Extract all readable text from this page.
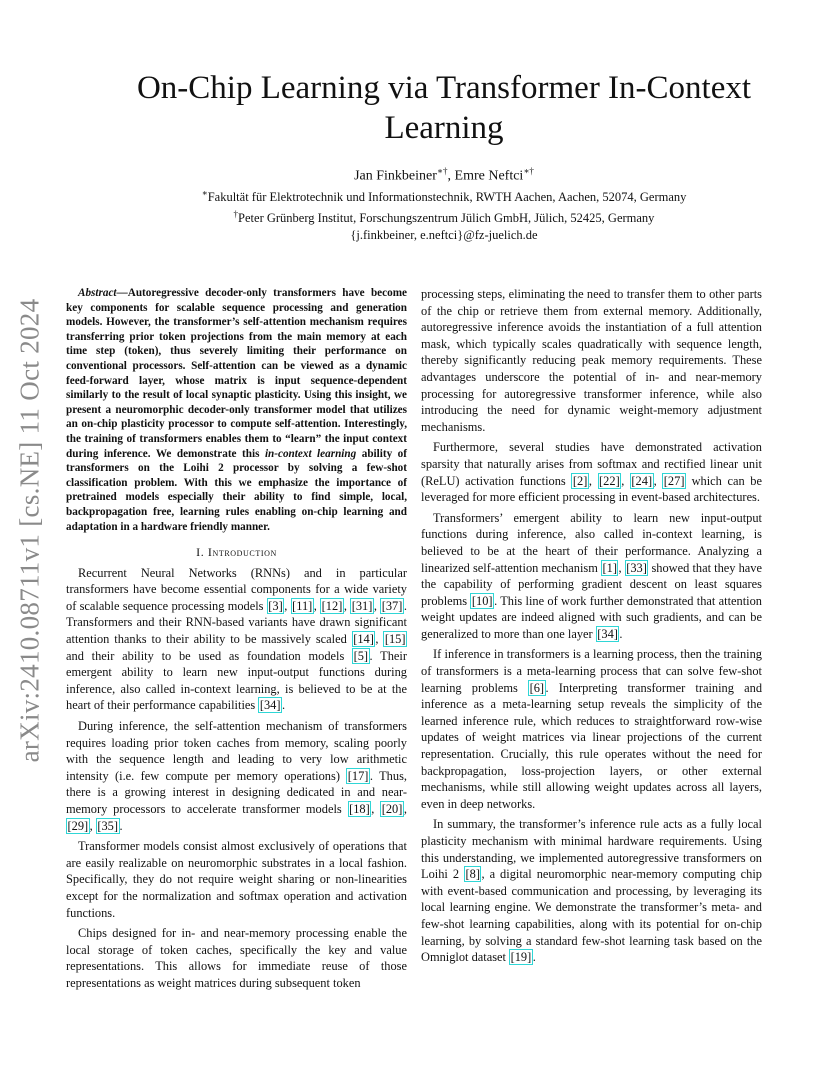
arXiv:2410.08711v1 [cs.NE] 11 Oct 2024
On-Chip Learning via Transformer In-Context Learning
Jan Finkbeiner∗†, Emre Neftci∗†
∗Fakultät für Elektrotechnik und Informationstechnik, RWTH Aachen, Aachen, 52074, Germany
†Peter Grünberg Institut, Forschungszentrum Jülich GmbH, Jülich, 52425, Germany
{j.finkbeiner, e.neftci}@fz-juelich.de

Abstract—Autoregressive decoder-only transformers have become key components for scalable sequence processing and generation models. However, the transformer’s self-attention mechanism requires transferring prior token projections from the main memory at each time step (token), thus severely limiting their performance on conventional processors. Self-attention can be viewed as a dynamic feed-forward layer, whose matrix is input sequence-dependent similarly to the result of local synaptic plasticity. Using this insight, we present a neuromorphic decoder-only transformer model that utilizes an on-chip plasticity processor to compute self-attention. Interestingly, the training of transformers enables them to “learn” the input context during inference. We demonstrate this in-context learning ability of transformers on the Loihi 2 processor by solving a few-shot classification problem. With this we emphasize the importance of pretrained models especially their ability to find simple, local, backpropagation free, learning rules enabling on-chip learning and adaptation in a hardware friendly manner.

I. Introduction

Recurrent Neural Networks (RNNs) and in particular transformers have become essential components for a wide variety of scalable sequence processing models [3] , [11] , [12] , [31] , [37] . Transformers and their RNN-based variants have drawn significant attention thanks to their ability to be massively scaled [14] , [15] and their ability to be used as foundation models [5] . Their emergent ability to learn new input-output functions during inference, also called in-context learning, is believed to be at the heart of their performance capabilities [34] .

During inference, the self-attention mechanism of transformers requires loading prior token caches from memory, scaling poorly with the sequence length and leading to very low arithmetic intensity (i.e. few compute per memory operations) [17] . Thus, there is a growing interest in designing dedicated in and near-memory processors to accelerate transformer models [18] , [20] , [29] , [35] .

Transformer models consist almost exclusively of operations that are easily realizable on neuromorphic substrates in a local fashion. Specifically, they do not require weight sharing or non-linearities except for the normalization and softmax operation and activation functions.

Chips designed for in- and near-memory processing enable the local storage of token caches, specifically the key and value representations. This allows for immediate reuse of those representations as weight matrices during subsequent token

processing steps, eliminating the need to transfer them to other parts of the chip or retrieve them from external memory. Additionally, autoregressive inference avoids the instantiation of a full attention mask, which typically scales quadratically with sequence length, thereby significantly reducing peak memory requirements. These advantages underscore the potential of in- and near-memory processing for autoregressive transformer inference, while also introducing the need for dynamic weight-memory adjustment mechanisms.

Furthermore, several studies have demonstrated activation sparsity that naturally arises from softmax and rectified linear unit (ReLU) activation functions [2] , [22] , [24] , [27] which can be leveraged for more efficient processing in event-based architectures.

Transformers’ emergent ability to learn new input-output functions during inference, also called in-context learning, is believed to be at the heart of their performance. Analyzing a linearized self-attention mechanism [1] , [33] showed that they have the capability of performing gradient descent on least squares problems [10] . This line of work further demonstrated that attention weight updates are indeed aligned with such gradients, and can be generalized to more than one layer [34] .

If inference in transformers is a learning process, then the training of transformers is a meta-learning process that can solve few-shot learning problems [6] . Interpreting transformer training and inference as a meta-learning setup reveals the simplicity of the learned inference rule, which reduces to straightforward row-wise updates of weight matrices via linear projections of the current representation. Crucially, this rule operates without the need for backpropagation, loss-projection layers, or other external mechanisms, while still allowing weight updates across all layers, even in deep networks.

In summary, the transformer’s inference rule acts as a fully local plasticity mechanism with minimal hardware requirements. Using this understanding, we implemented autoregressive transformers on Loihi 2 [8] , a digital neuromorphic near-memory computing chip with event-based communication and processing, by leveraging its local learning engine. We demonstrate the transformer’s meta- and few-shot learning capabilities, along with its potential for on-chip learning, by solving a standard few-shot learning task based on the Omniglot dataset [19] .
